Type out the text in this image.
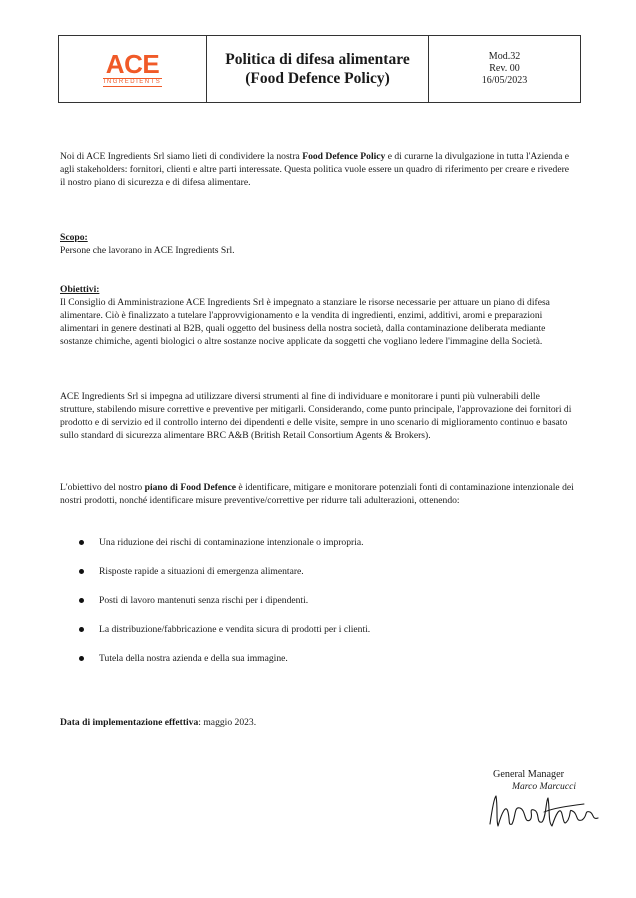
ACE
INGREDIENTS
Politica di difesa alimentare
(Food Defence Policy)
Mod.32
Rev. 00
16/05/2023

Noi di ACE Ingredients Srl siamo lieti di condividere la nostra Food Defence Policy e di curarne la divulgazione in tutta l'Azienda e agli stakeholders: fornitori, clienti e altre parti interessate. Questa politica vuole essere un quadro di riferimento per creare e rivedere il nostro piano di sicurezza e di difesa alimentare.

Scopo:
Persone che lavorano in ACE Ingredients Srl.
Obiettivi:
Il Consiglio di Amministrazione ACE Ingredients Srl è impegnato a stanziare le risorse necessarie per attuare un piano di difesa alimentare. Ciò è finalizzato a tutelare l'approvvigionamento e la vendita di ingredienti, enzimi, additivi, aromi e preparazioni alimentari in genere destinati al B2B, quali oggetto del business della nostra società, dalla contaminazione deliberata mediante sostanze chimiche, agenti biologici o altre sostanze nocive applicate da soggetti che vogliano ledere l'immagine della Società.

ACE Ingredients Srl si impegna ad utilizzare diversi strumenti al fine di individuare e monitorare i punti più vulnerabili delle strutture, stabilendo misure correttive e preventive per mitigarli. Considerando, come punto principale, l'approvazione dei fornitori di prodotto e di servizio ed il controllo interno dei dipendenti e delle visite, sempre in uno scenario di miglioramento continuo e basato sullo standard di sicurezza alimentare BRC A&B (British Retail Consortium Agents & Brokers).

L'obiettivo del nostro piano di Food Defence è identificare, mitigare e monitorare potenziali fonti di contaminazione intenzionale dei nostri prodotti, nonché identificare misure preventive/correttive per ridurre tali adulterazioni, ottenendo:

Una riduzione dei rischi di contaminazione intenzionale o impropria.
Risposte rapide a situazioni di emergenza alimentare.
Posti di lavoro mantenuti senza rischi per i dipendenti.
La distribuzione/fabbricazione e vendita sicura di prodotti per i clienti.
Tutela della nostra azienda e della sua immagine.

Data di implementazione effettiva: maggio 2023.

General Manager
Marco Marcucci
